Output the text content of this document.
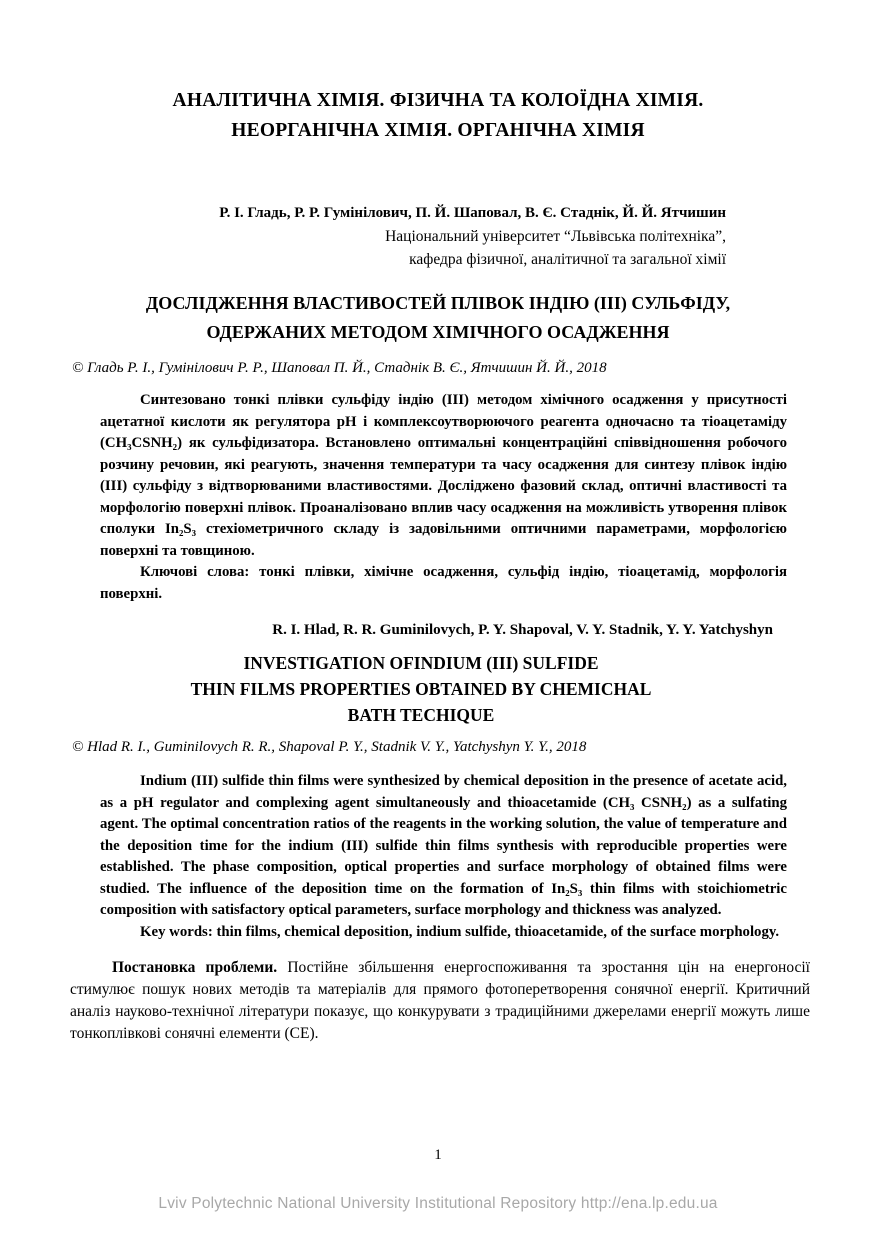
АНАЛІТИЧНА ХІМІЯ. ФІЗИЧНА ТА КОЛОЇДНА ХІМІЯ.
НЕОРГАНІЧНА ХІМІЯ. ОРГАНІЧНА ХІМІЯ
Р. І. Гладь, Р. Р. Гумінілович, П. Й. Шаповал, В. Є. Стаднік, Й. Й. Ятчишин
Національний університет “Львівська політехніка”,
кафедра фізичної, аналітичної та загальної хімії
ДОСЛІДЖЕННЯ ВЛАСТИВОСТЕЙ ПЛІВОК ІНДІЮ (III) СУЛЬФІДУ,
ОДЕРЖАНИХ МЕТОДОМ ХІМІЧНОГО ОСАДЖЕННЯ
© Гладь Р. І., Гумінілович Р. Р., Шаповал П. Й., Стаднік В. Є., Ятчишин Й. Й., 2018

Синтезовано тонкі плівки сульфіду індію (III) методом хімічного осадження у присутності ацетатної кислоти як регулятора pH і комплексоутворюючого реагента одночасно та тіоацетаміду (CH₃CSNH₂) як сульфідизатора. Встановлено оптимальні концентраційні співвідношення робочого розчину речовин, які реагують, значення температури та часу осадження для синтезу плівок індію (III) сульфіду з відтворюваними властивостями. Досліджено фазовий склад, оптичні властивості та морфологію поверхні плівок. Проаналізовано вплив часу осадження на можливість утворення плівок сполуки In₂S₃ стехіометричного складу із задовільними оптичними параметрами, морфологією поверхні та товщиною.

Ключові слова: тонкі плівки, хімічне осадження, сульфід індію, тіоацетамід, морфологія поверхні.

R. I. Hlad, R. R. Guminilovych, P. Y. Shapoval, V. Y. Stadnik, Y. Y. Yatchyshyn
INVESTIGATION OFINDIUM (III) SULFIDE
THIN FILMS PROPERTIES OBTAINED BY CHEMICHAL
BATH TECHIQUE
© Hlad R. I., Guminilovych R. R., Shapoval P. Y., Stadnik V. Y., Yatchyshyn Y. Y., 2018

Indium (III) sulfide thin films were synthesized by chemical deposition in the presence of acetate acid, as a pH regulator and complexing agent simultaneously and thioacetamide (CH₃ CSNH₂) as a sulfating agent. The optimal concentration ratios of the reagents in the working solution, the value of temperature and the deposition time for the indium (III) sulfide thin films synthesis with reproducible properties were established. The phase composition, optical properties and surface morphology of obtained films were studied. The influence of the deposition time on the formation of In₂S₃ thin films with stoichiometric composition with satisfactory optical parameters, surface morphology and thickness was analyzed.

Key words: thin films, chemical deposition, indium sulfide, thioacetamide, of the surface morphology.

Постановка проблеми. Постійне збільшення енергоспоживання та зростання цін на енергоносії стимулює пошук нових методів та матеріалів для прямого фотоперетворення сонячної енергії. Критичний аналіз науково-технічної літератури показує, що конкурувати з традиційними джерелами енергії можуть лише тонкоплівкові сонячні елементи (СЕ).

1
Lviv Polytechnic National University Institutional Repository http://ena.lp.edu.ua
